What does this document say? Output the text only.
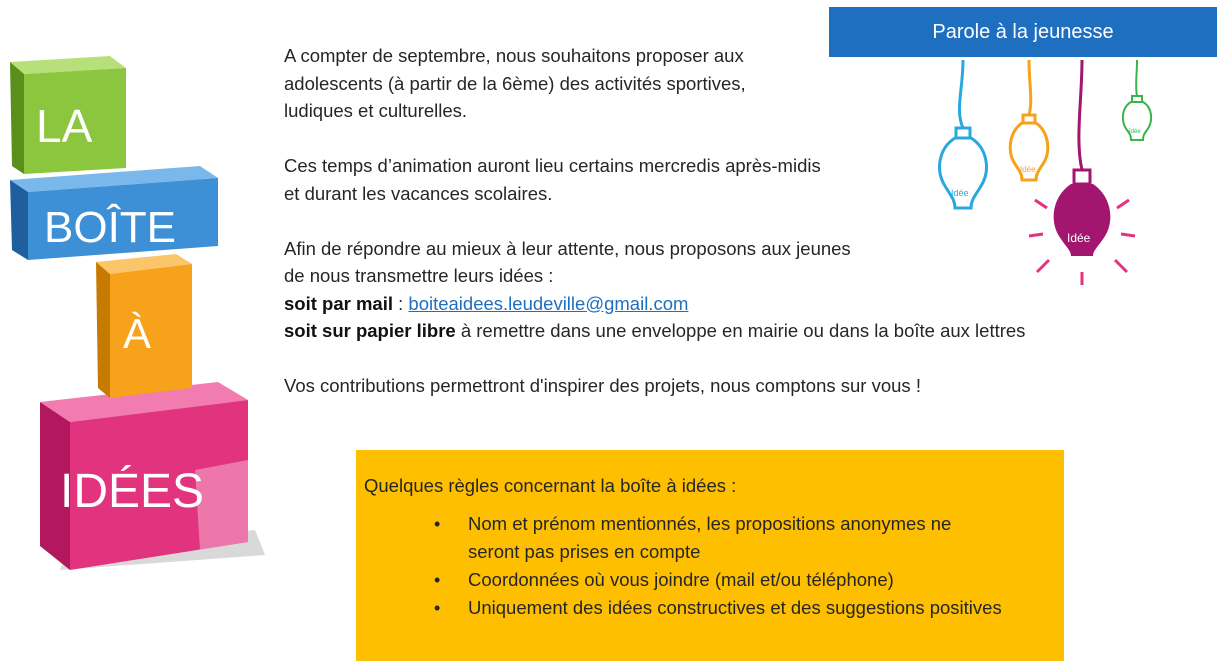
Parole à la jeunesse
IDÉES
À
BOÎTE
LA
Idée
Idée
Idée
Idée

A compter de septembre, nous souhaitons proposer aux

adolescents (à partir de la 6ème) des activités sportives,

ludiques et culturelles.

Ces temps d’animation auront lieu certains mercredis après-midis

et durant les vacances scolaires.

Afin de répondre au mieux à leur attente, nous proposons aux jeunes

de nous transmettre leurs idées :

soit par mail : boiteaidees.leudeville@gmail.com

soit sur papier libre à remettre dans une enveloppe en mairie ou dans la boîte aux lettres

Vos contributions permettront d'inspirer des projets, nous comptons sur vous !

Quelques règles concernant la boîte à idées :
• Nom et prénom mentionnés, les propositions anonymes ne
seront pas prises en compte
• Coordonnées où vous joindre (mail et/ou téléphone)
• Uniquement des idées constructives et des suggestions positives
